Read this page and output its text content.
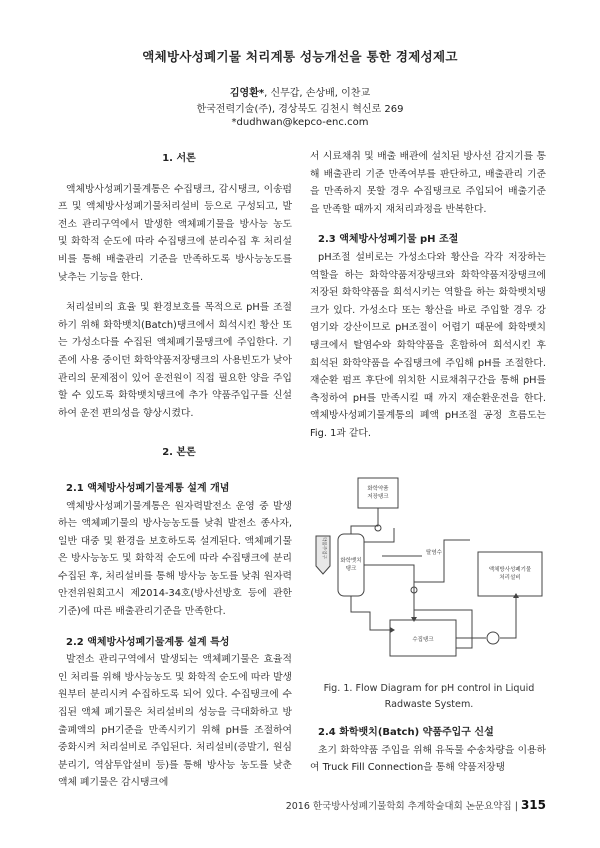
액체방사성폐기물 처리계통 성능개선을 통한 경제성제고
김영환*, 신무갑, 손상배, 이찬교
한국전력기술(주), 경상북도 김천시 혁신로 269
*dudhwan@kepco-enc.com

1. 서론

액체방사성폐기물계통은 수집탱크, 감시탱크, 이송펌프 및 액체방사성폐기물처리설비 등으로 구성되고, 발전소 관리구역에서 발생한 액체폐기물을 방사능 농도 및 화학적 순도에 따라 수집탱크에 분리수집 후 처리설비를 통해 배출관리 기준을 만족하도록 방사능농도를 낮추는 기능을 한다.

처리설비의 효율 및 환경보호를 목적으로 pH를 조절하기 위해 화학뱃치(Batch)탱크에서 희석시킨 황산 또는 가성소다를 수집된 액체폐기물탱크에 주입한다. 기존에 사용 중이던 화학약품저장탱크의 사용빈도가 낮아 관리의 문제점이 있어 운전원이 직접 필요한 양을 주입할 수 있도록 화학뱃치탱크에 추가 약품주입구를 신설하여 운전 편의성을 향상시켰다.

2. 본론

2.1 액체방사성폐기물계통 설계 개념

액체방사성폐기물계통은 원자력발전소 운영 중 발생하는 액체폐기물의 방사능농도를 낮춰 발전소 종사자, 일반 대중 및 환경을 보호하도록 설계된다. 액체폐기물은 방사능농도 및 화학적 순도에 따라 수집탱크에 분리 수집된 후, 처리설비를 통해 방사능 농도를 낮춰 원자력안전위원회고시 제2014-34호(방사선방호 등에 관한 기준)에 따른 배출관리기준을 만족한다.

2.2 액체방사성폐기물계통 설계 특성

발전소 관리구역에서 발생되는 액체폐기물은 효율적인 처리를 위해 방사능농도 및 화학적 순도에 따라 발생원부터 분리시켜 수집하도록 되어 있다. 수집탱크에 수집된 액체 폐기물은 처리설비의 성능을 극대화하고 방출폐액의 pH기준을 만족시키기 위해 pH를 조절하여 중화시켜 처리설비로 주입된다. 처리설비(증발기, 원심분리기, 역삼투압설비 등)를 통해 방사능 농도를 낮춘 액체 폐기물은 감시탱크에

서 시료채취 및 배출 배관에 설치된 방사선 감지기를 통해 배출관리 기준 만족여부를 판단하고, 배출관리 기준을 만족하지 못할 경우 수집탱크로 주입되어 배출기준을 만족할 때까지 재처리과정을 반복한다.

2.3 액체방사성폐기물 pH 조절

pH조절 설비로는 가성소다와 황산을 각각 저장하는 역할을 하는 화학약품저장탱크와 화학약품저장탱크에 저장된 화학약품을 희석시키는 역할을 하는 화학뱃치탱크가 있다. 가성소다 또는 황산을 바로 주입할 경우 강염기와 강산이므로 pH조절이 어렵기 때문에 화학뱃치탱크에서 탈염수와 화학약품을 혼합하여 희석시킨 후 희석된 화학약품을 수집탱크에 주입해 pH를 조절한다. 재순환 펌프 후단에 위치한 시료채취구간을 통해 pH를 측정하여 pH를 만족시킬 때 까지 재순환운전을 한다. 액체방사성폐기물계통의 폐액 pH조절 공정 흐름도는 Fig. 1과 같다.

화학약품
저장탱크
화학뱃치
탱크
수집탱크
액체방사성폐기물
처리설비
탈염수
약품주입구
Fig. 1. Flow Diagram for pH control in Liquid Radwaste System.

2.4 화학뱃치(Batch) 약품주입구 신설

초기 화학약품 주입을 위해 유독물 수송차량을 이용하여 Truck Fill Connection을 통해 약품저장탱

2016 한국방사성폐기물학회 추계학술대회 논문요약집 | 315
